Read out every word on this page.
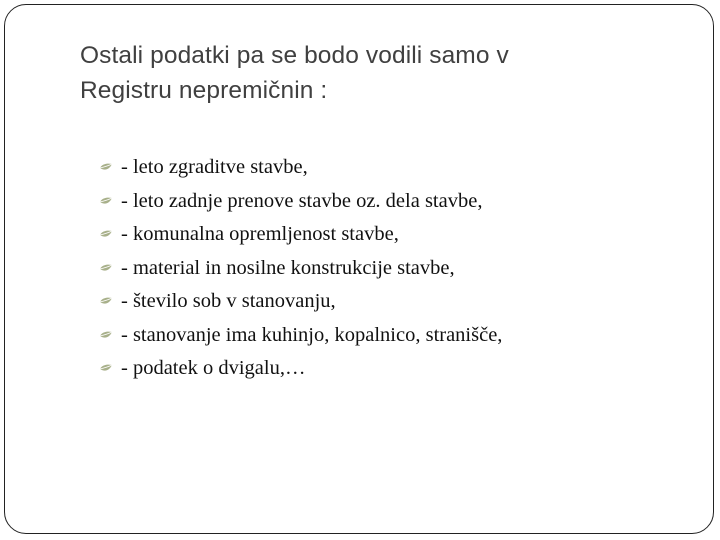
Ostali podatki pa se bodo vodili samo v
Registru nepremičnin :
- leto zgraditve stavbe,
- leto zadnje prenove stavbe oz. dela stavbe,
- komunalna opremljenost stavbe,
- material in nosilne konstrukcije stavbe,
- število sob v stanovanju,
- stanovanje ima kuhinjo, kopalnico, stranišče,
- podatek o dvigalu,…
